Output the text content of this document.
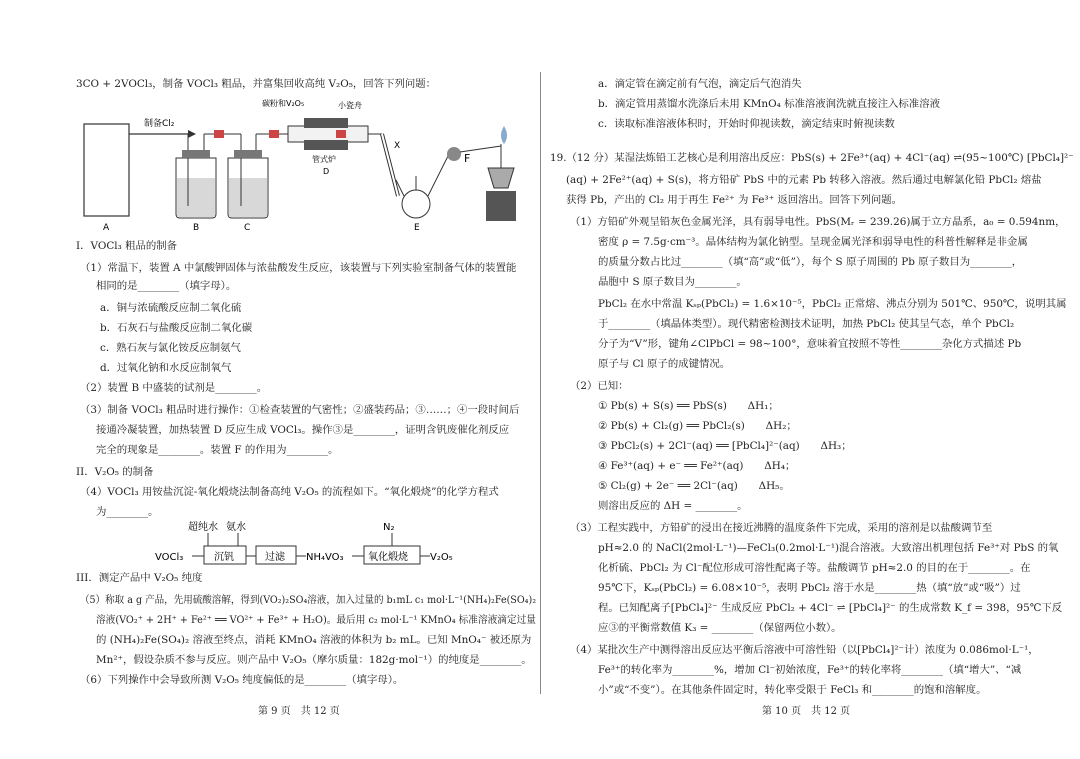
3CO + 2VOCl₃，制备 VOCl₃ 粗品，并富集回收高纯 V₂O₅，回答下列问题：
A
制备Cl₂
B	C
碳粉和V₂O₅	小瓷舟
管式炉
D
X
E
F
I．VOCl₃ 粗品的制备
（1）常温下，装置 A 中氯酸钾固体与浓盐酸发生反应，该装置与下列实验室制备气体的装置能
相同的是________（填字母）。
a．铜与浓硫酸反应制二氧化硫
b．石灰石与盐酸反应制二氧化碳
c．熟石灰与氯化铵反应制氨气
d．过氧化钠和水反应制氧气
（2）装置 B 中盛装的试剂是________。
（3）制备 VOCl₃ 粗品时进行操作：①检查装置的气密性；②盛装药品；③……；④一段时间后
接通冷凝装置，加热装置 D 反应生成 VOCl₃。操作③是________，证明含钒废催化剂反应
完全的现象是________。装置 F 的作用为________。
II．V₂O₅ 的制备
（4）VOCl₃ 用铵盐沉淀-氧化煅烧法制备高纯 V₂O₅ 的流程如下。“氧化煅烧”的化学方程式
为________。
超纯水 氨水
VOCl₃	沉钒	过滤 NH₄VO₃ 氧化煅烧
N₂
V₂O₅
III．测定产品中 V₂O₅ 纯度
（5）称取 a g 产品，先用硫酸溶解，得到(VO₂)₂SO₄溶液，加入过量的 b₁mL c₁ mol·L⁻¹(NH₄)₂Fe(SO₄)₂
溶液(VO₂⁺ + 2H⁺ + Fe²⁺ ══ VO²⁺ + Fe³⁺ + H₂O)。最后用 c₂ mol·L⁻¹ KMnO₄ 标准溶液滴定过量
的 (NH₄)₂Fe(SO₄)₂ 溶液至终点，消耗 KMnO₄ 溶液的体积为 b₂ mL。已知 MnO₄⁻ 被还原为
Mn²⁺，假设杂质不参与反应。则产品中 V₂O₅（摩尔质量：182g·mol⁻¹）的纯度是________。
（6）下列操作中会导致所测 V₂O₅ 纯度偏低的是________（填字母）。
第 9 页　共 12 页
a．滴定管在滴定前有气泡，滴定后气泡消失
b．滴定管用蒸馏水洗涤后未用 KMnO₄ 标准溶液润洗就直接注入标准溶液
c．读取标准溶液体积时，开始时仰视读数，滴定结束时俯视读数
19.（12 分）某湿法炼铅工艺核心是利用溶出反应：PbS(s) + 2Fe³⁺(aq) + 4Cl⁻(aq) ⇌(95~100℃) [PbCl₄]²⁻
(aq) + 2Fe²⁺(aq) + S(s)，将方铅矿 PbS 中的元素 Pb 转移入溶液。然后通过电解氯化铅 PbCl₂ 熔盐
获得 Pb，产出的 Cl₂ 用于再生 Fe²⁺ 为 Fe³⁺ 返回溶出。回答下列问题。
（1）方铅矿外观呈铅灰色金属光泽，具有弱导电性。PbS(Mᵣ = 239.26)属于立方晶系，a₀ = 0.594nm，
密度 ρ = 7.5g·cm⁻³。晶体结构为氯化钠型。呈现金属光泽和弱导电性的科普性解释是非金属
的质量分数占比过________（填“高”或“低”），每个 S 原子周围的 Pb 原子数目为________，
晶胞中 S 原子数目为________。
PbCl₂ 在水中常温 Kₛₚ(PbCl₂) = 1.6×10⁻⁵，PbCl₂ 正常熔、沸点分别为 501℃、950℃，说明其属
于________（填晶体类型）。现代精密检测技术证明，加热 PbCl₂ 使其呈气态，单个 PbCl₂
分子为“V”形，键角∠ClPbCl = 98~100°，意味着宜按照不等性________杂化方式描述 Pb
原子与 Cl 原子的成键情况。
（2）已知：
① Pb(s) + S(s) ══ PbS(s)　　ΔH₁；
② Pb(s) + Cl₂(g) ══ PbCl₂(s)　　ΔH₂；
③ PbCl₂(s) + 2Cl⁻(aq) ══ [PbCl₄]²⁻(aq)　　ΔH₃；
④ Fe³⁺(aq) + e⁻ ══ Fe²⁺(aq)　　ΔH₄；
⑤ Cl₂(g) + 2e⁻ ══ 2Cl⁻(aq)　　ΔH₅。
则溶出反应的 ΔH = ________。
（3）工程实践中，方铅矿的浸出在接近沸腾的温度条件下完成，采用的溶剂是以盐酸调节至
pH≈2.0 的 NaCl(2mol·L⁻¹)—FeCl₃(0.2mol·L⁻¹)混合溶液。大致溶出机理包括 Fe³⁺对 PbS 的氧
化析硫、PbCl₂ 为 Cl⁻配位形成可溶性配离子等。盐酸调节 pH≈2.0 的目的在于________。在
95℃下，Kₛₚ(PbCl₂) = 6.08×10⁻⁵，表明 PbCl₂ 溶于水是________热（填“放”或“吸”）过
程。已知配离子[PbCl₄]²⁻ 生成反应 PbCl₂ + 4Cl⁻ ⇌ [PbCl₄]²⁻ 的生成常数 K_f = 398，95℃下反
应③的平衡常数值 K₃ = ________（保留两位小数）。
（4）某批次生产中测得溶出反应达平衡后溶液中可溶性铅（以[PbCl₄]²⁻计）浓度为 0.086mol·L⁻¹，
Fe³⁺的转化率为________%，增加 Cl⁻初始浓度，Fe³⁺的转化率将________（填“增大”、“减
小”或“不变”）。在其他条件固定时，转化率受限于 FeCl₃ 和________的饱和溶解度。
第 10 页　共 12 页
